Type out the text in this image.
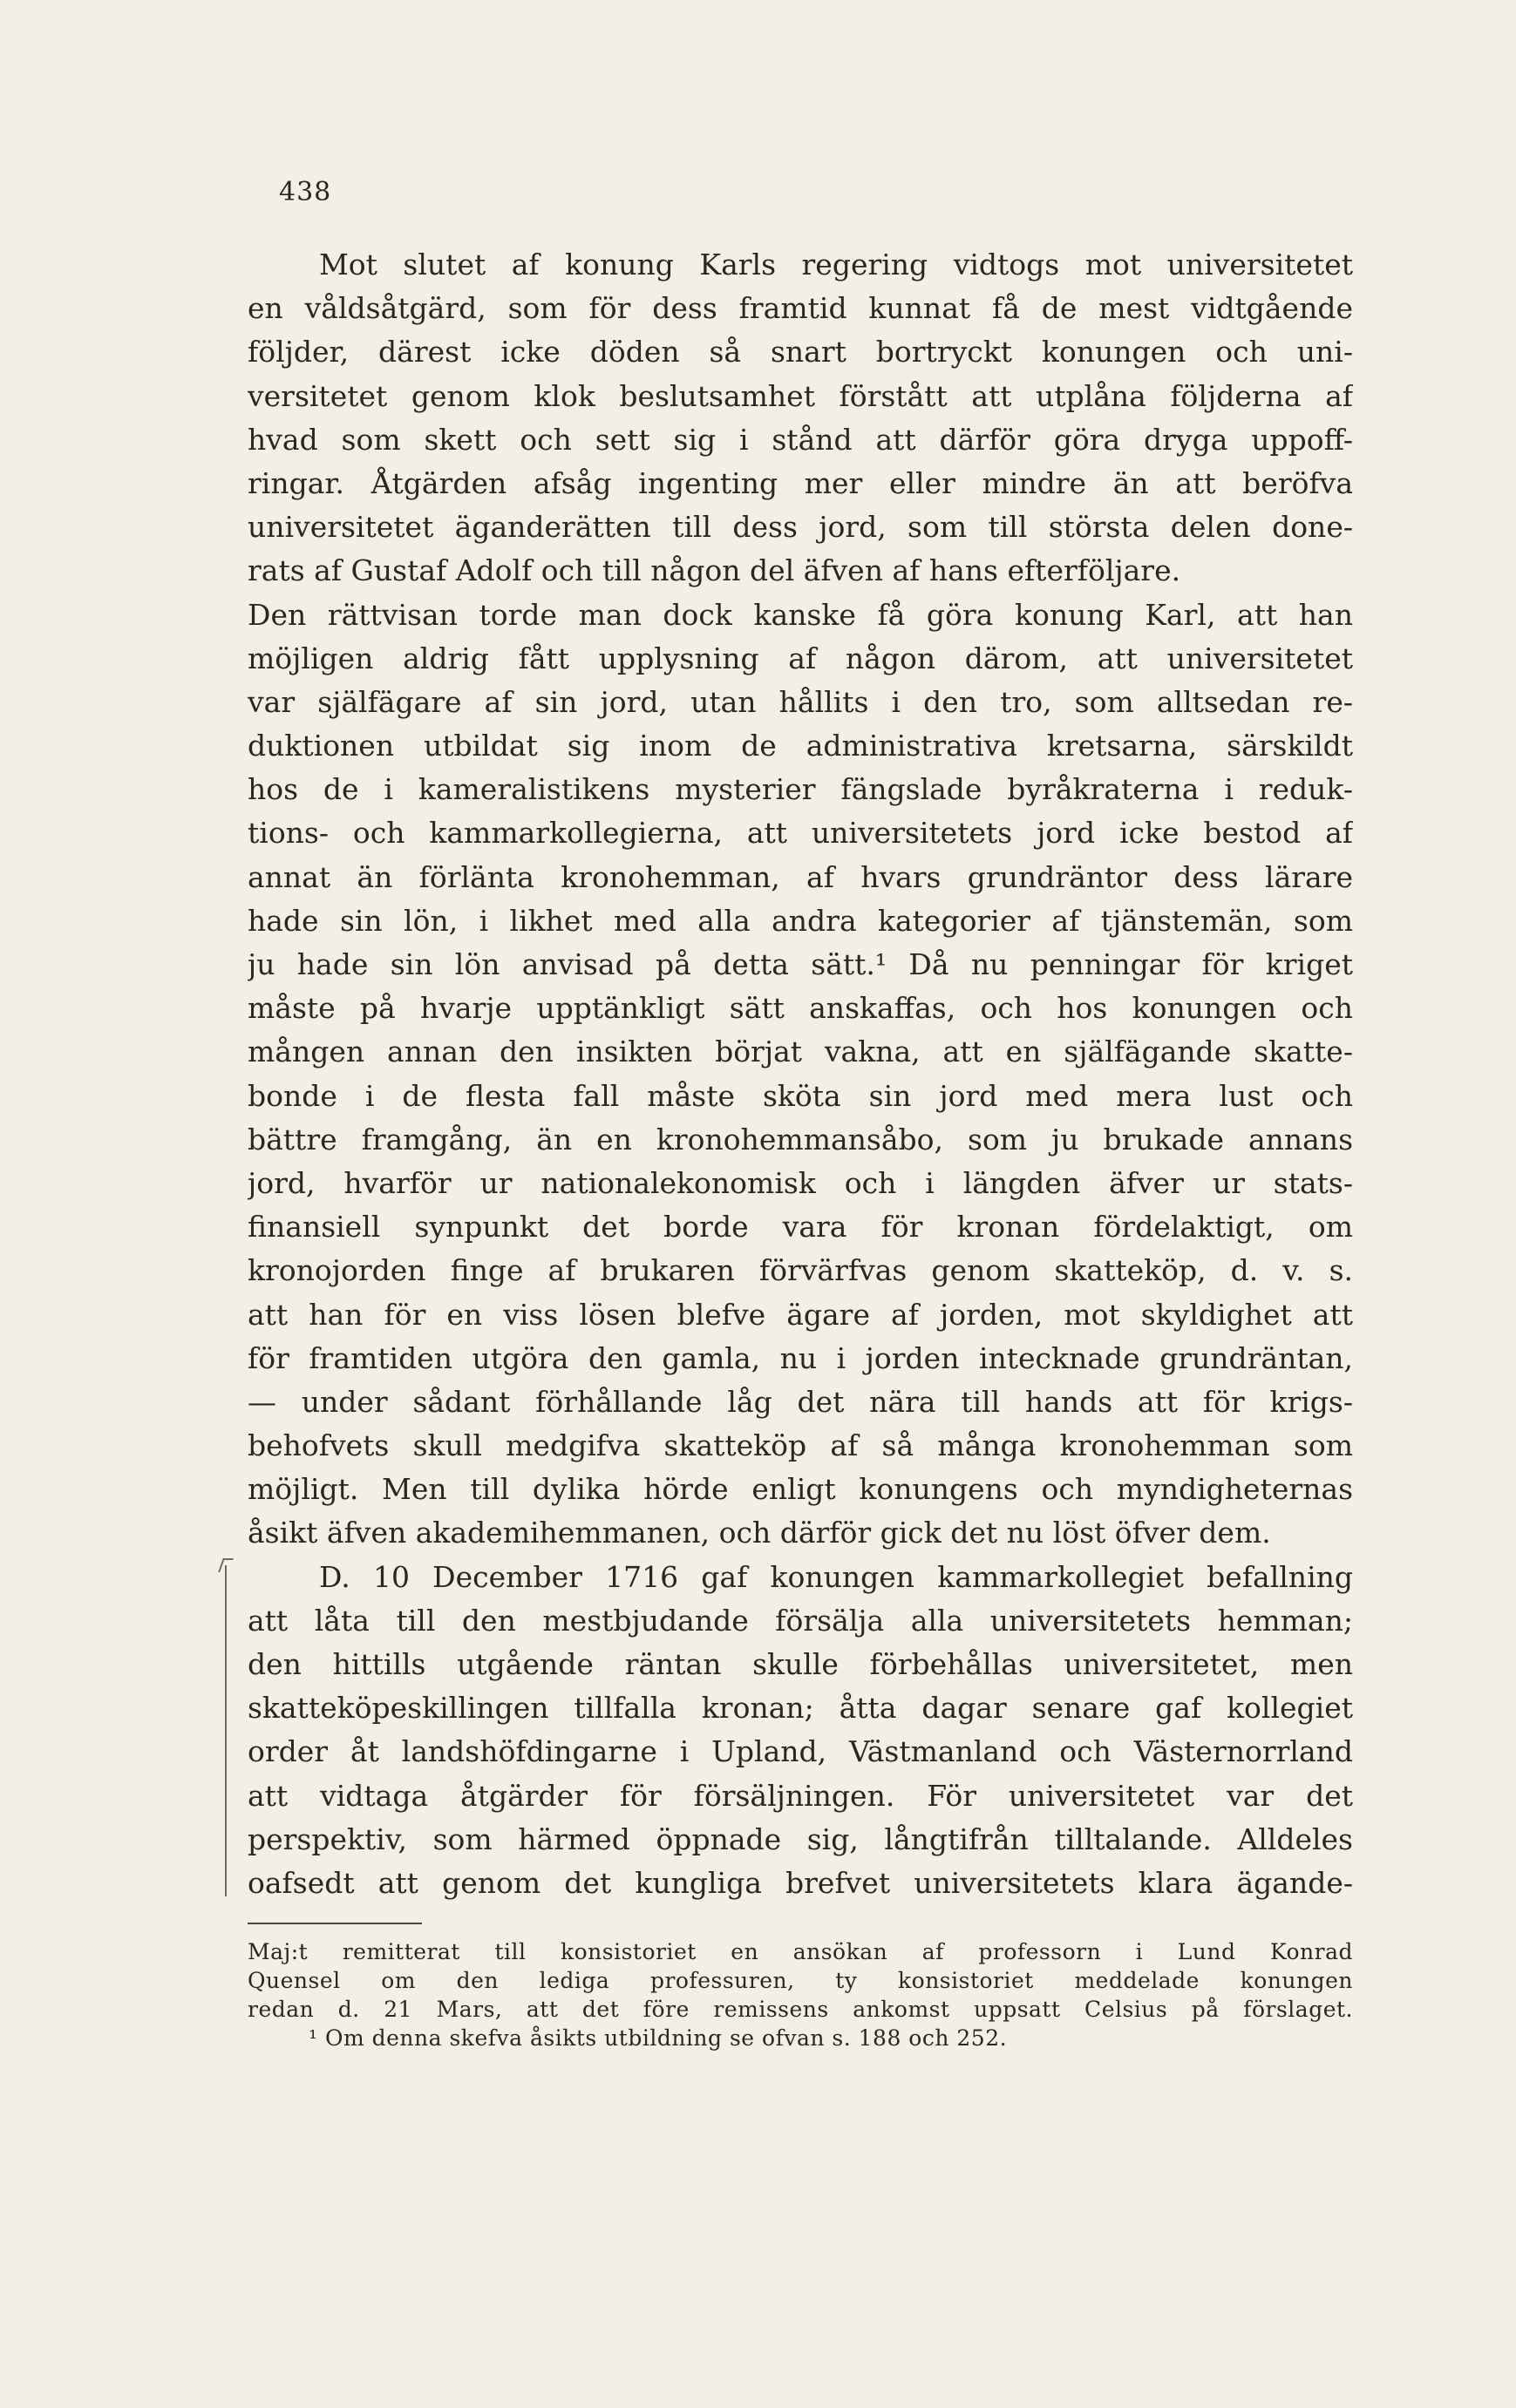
438
Mot slutet af konung Karls regering vidtogs mot universitetet
en våldsåtgärd, som för dess framtid kunnat få de mest vidtgående
följder, därest icke döden så snart bortryckt konungen och uni-
versitetet genom klok beslutsamhet förstått att utplåna följderna af
hvad som skett och sett sig i stånd att därför göra dryga uppoff-
ringar. Åtgärden afsåg ingenting mer eller mindre än att beröfva
universitetet äganderätten till dess jord, som till största delen done-
rats af Gustaf Adolf och till någon del äfven af hans efterföljare.
Den rättvisan torde man dock kanske få göra konung Karl, att han
möjligen aldrig fått upplysning af någon därom, att universitetet
var själfägare af sin jord, utan hållits i den tro, som alltsedan re-
duktionen utbildat sig inom de administrativa kretsarna, särskildt
hos de i kameralistikens mysterier fängslade byråkraterna i reduk-
tions- och kammarkollegierna, att universitetets jord icke bestod af
annat än förlänta kronohemman, af hvars grundräntor dess lärare
hade sin lön, i likhet med alla andra kategorier af tjänstemän, som
ju hade sin lön anvisad på detta sätt.¹ Då nu penningar för kriget
måste på hvarje upptänkligt sätt anskaffas, och hos konungen och
mången annan den insikten börjat vakna, att en själfägande skatte-
bonde i de flesta fall måste sköta sin jord med mera lust och
bättre framgång, än en kronohemmansåbo, som ju brukade annans
jord, hvarför ur nationalekonomisk och i längden äfver ur stats-
finansiell synpunkt det borde vara för kronan fördelaktigt, om
kronojorden finge af brukaren förvärfvas genom skatteköp, d. v. s.
att han för en viss lösen blefve ägare af jorden, mot skyldighet att
för framtiden utgöra den gamla, nu i jorden intecknade grundräntan,
— under sådant förhållande låg det nära till hands att för krigs-
behofvets skull medgifva skatteköp af så många kronohemman som
möjligt. Men till dylika hörde enligt konungens och myndigheternas
åsikt äfven akademihemmanen, och därför gick det nu löst öfver dem.
D. 10 December 1716 gaf konungen kammarkollegiet befallning
att låta till den mestbjudande försälja alla universitetets hemman;
den hittills utgående räntan skulle förbehållas universitetet, men
skatteköpeskillingen tillfalla kronan; åtta dagar senare gaf kollegiet
order åt landshöfdingarne i Upland, Västmanland och Västernorrland
att vidtaga åtgärder för försäljningen. För universitetet var det
perspektiv, som härmed öppnade sig, långtifrån tilltalande. Alldeles
oafsedt att genom det kungliga brefvet universitetets klara ägande-
Maj:t remitterat till konsistoriet en ansökan af professorn i Lund Konrad
Quensel om den lediga professuren, ty konsistoriet meddelade konungen
redan d. 21 Mars, att det före remissens ankomst uppsatt Celsius på förslaget.
¹ Om denna skefva åsikts utbildning se ofvan s. 188 och 252.
